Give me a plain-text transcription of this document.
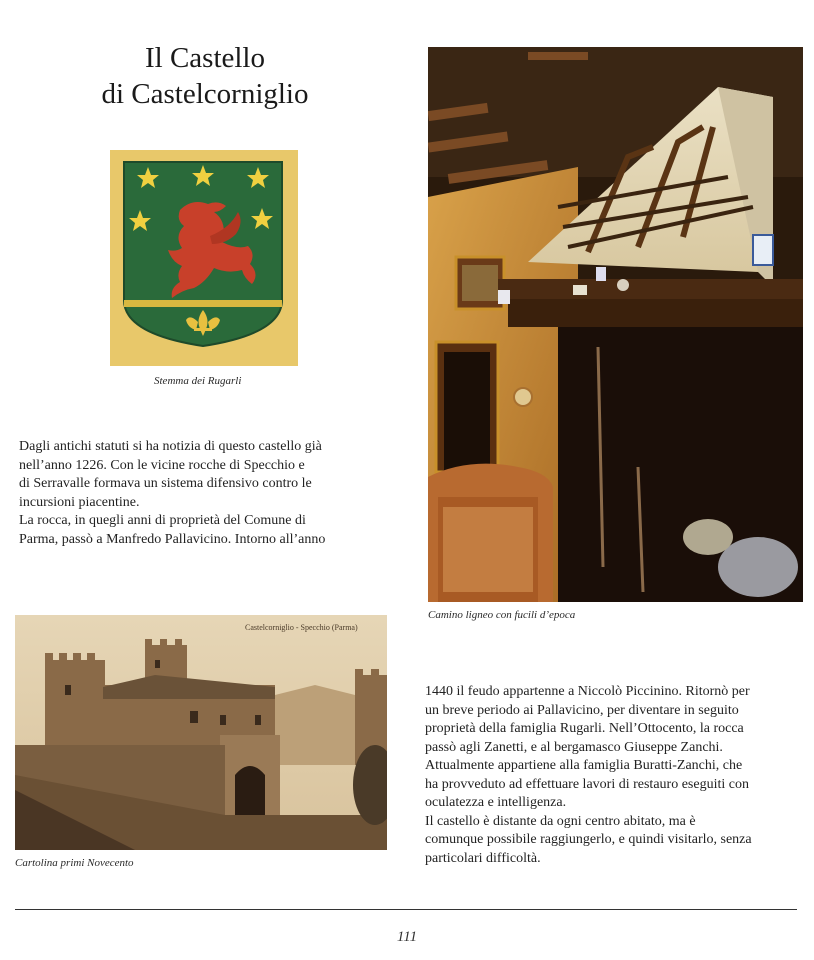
Il Castello
di Castelcorniglio
Stemma dei Rugarli

Dagli antichi statuti si ha notizia di questo castello già

nell’anno 1226. Con le vicine rocche di Specchio e

di Serravalle formava un sistema difensivo contro le

incursioni piacentine.

La rocca, in quegli anni di proprietà del Comune di

Parma, passò a Manfredo Pallavicino. Intorno all’anno

Camino ligneo con fucili d’epoca
Castelcorniglio - Specchio (Parma)
Cartolina primi Novecento

1440 il feudo appartenne a Niccolò Piccinino. Ritornò per

un breve periodo ai Pallavicino, per diventare in seguito

proprietà della famiglia Rugarli. Nell’Ottocento, la rocca

passò agli Zanetti, e al bergamasco Giuseppe Zanchi.

Attualmente appartiene alla famiglia Buratti-Zanchi, che

ha provveduto ad effettuare lavori di restauro eseguiti con

oculatezza e intelligenza.

Il castello è distante da ogni centro abitato, ma è

comunque possibile raggiungerlo, e quindi visitarlo, senza

particolari difficoltà.

111
